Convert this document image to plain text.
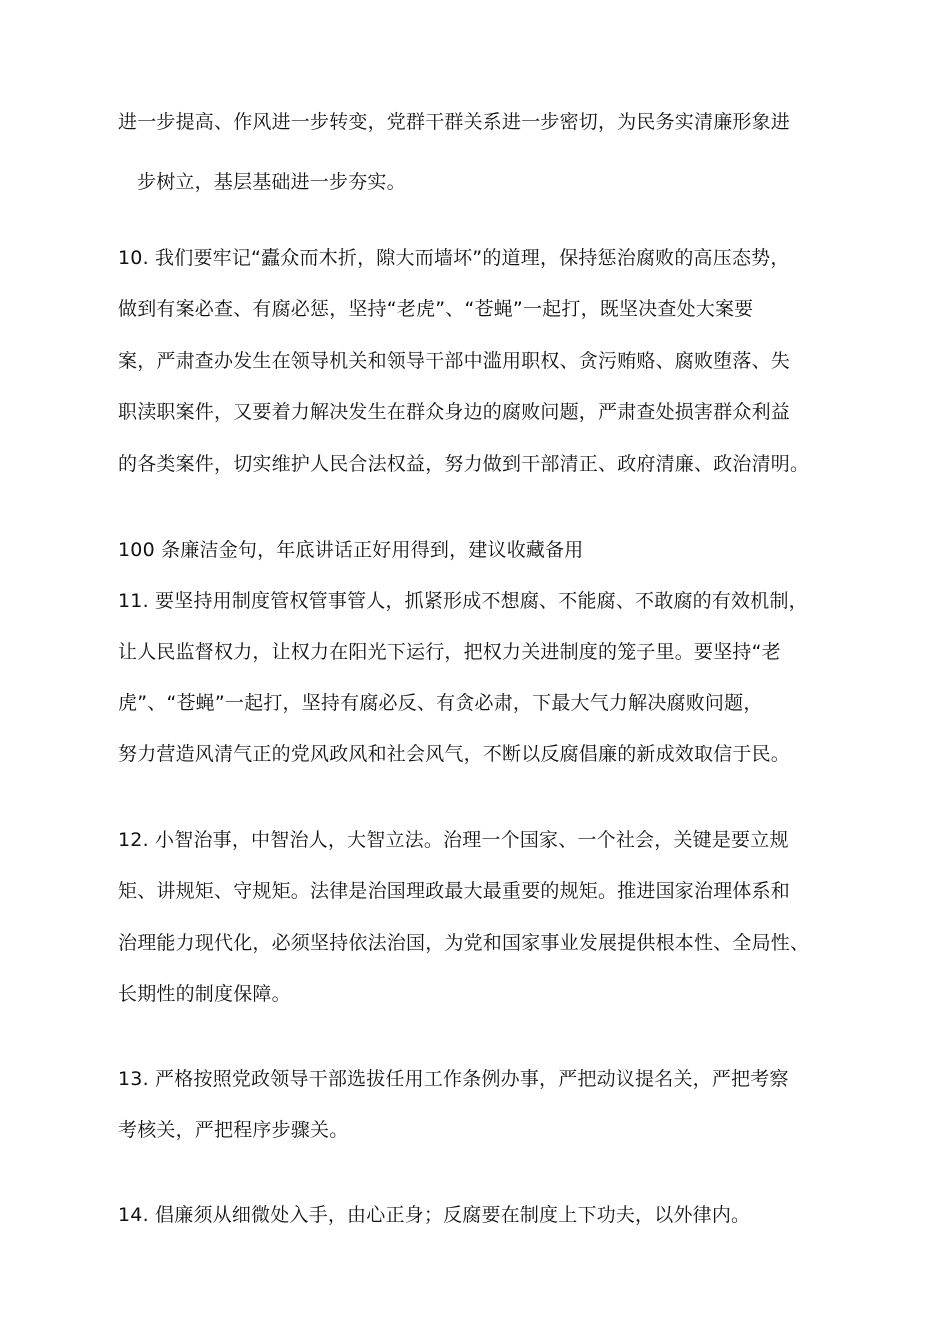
进一步提高、作风进一步转变，党群干群关系进一步密切，为民务实清廉形象进
步树立，基层基础进一步夯实。
10. 我们要牢记“蠹众而木折，隙大而墙坏”的道理，保持惩治腐败的高压态势，
做到有案必查、有腐必惩，坚持“老虎”、“苍蝇”一起打，既坚决查处大案要
案，严肃查办发生在领导机关和领导干部中滥用职权、贪污贿赂、腐败堕落、失
职渎职案件，又要着力解决发生在群众身边的腐败问题，严肃查处损害群众利益
的各类案件，切实维护人民合法权益，努力做到干部清正、政府清廉、政治清明。
100 条廉洁金句，年底讲话正好用得到，建议收藏备用
11. 要坚持用制度管权管事管人，抓紧形成不想腐、不能腐、不敢腐的有效机制，
让人民监督权力，让权力在阳光下运行，把权力关进制度的笼子里。要坚持“老
虎”、“苍蝇”一起打，坚持有腐必反、有贪必肃，下最大气力解决腐败问题，
努力营造风清气正的党风政风和社会风气，不断以反腐倡廉的新成效取信于民。
12. 小智治事，中智治人，大智立法。治理一个国家、一个社会，关键是要立规
矩、讲规矩、守规矩。法律是治国理政最大最重要的规矩。推进国家治理体系和
治理能力现代化，必须坚持依法治国，为党和国家事业发展提供根本性、全局性、
长期性的制度保障。
13. 严格按照党政领导干部选拔任用工作条例办事，严把动议提名关，严把考察
考核关，严把程序步骤关。
14. 倡廉须从细微处入手，由心正身；反腐要在制度上下功夫，以外律内。
